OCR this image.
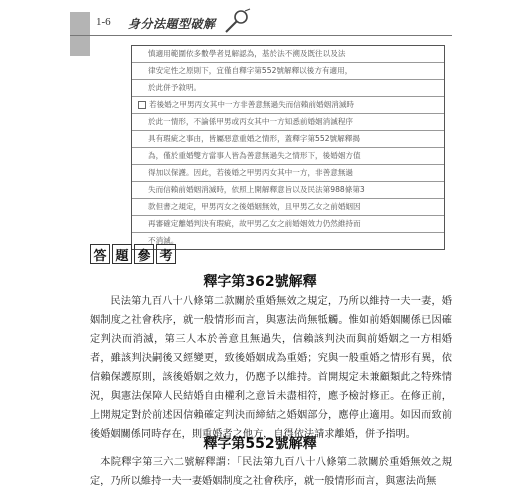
1-6 身分法題型破解
慎適用範圍依多數學者見解認為，基於法不溯及既往以及法
律安定性之原則下，宜僅自釋字第552號解釋以後方有適用，
於此併予敘明。
若後婚之甲男丙女其中一方非善意無過失而信賴前婚姻消滅時
於此一情形，不論係甲男或丙女其中一方知悉前婚姻消滅程序
具有瑕疵之事由，皆屬惡意重婚之情形，蓋釋字第552號解釋揭
為，僅於重婚雙方當事人皆為善意無過失之情形下，後婚姻方值
得加以保護。因此，若後婚之甲男丙女其中一方，非善意無過
失而信賴前婚姻消滅時，依照上開解釋意旨以及民法第988條第3
款但書之規定，甲男丙女之後婚姻無效，且甲男乙女之前婚姻因
再審確定離婚判決有瑕疵，故甲男乙女之前婚姻效力仍然維持而
不消滅。
答 題 參 考
釋字第362號解釋

民法第九百八十八條第二款關於重婚無效之規定，乃所以維持一夫一妻，婚姻制度之社會秩序，就一般情形而言，與憲法尚無牴觸。惟如前婚姻關係已因確定判決而消滅，第三人本於善意且無過失，信賴該判決而與前婚姻之一方相婚者，雖該判決嗣後又經變更，致後婚姻成為重婚；究與一般重婚之情形有異，依信賴保護原則，該後婚姻之效力，仍應予以維持。首開規定未兼顧類此之特殊情況，與憲法保障人民結婚自由權利之意旨未盡相符，應予檢討修正。在修正前，上開規定對於前述因信賴確定判決而締結之婚姻部分，應停止適用。如因而致前後婚姻關係同時存在，則重婚者之他方，自得依法請求離婚，併予指明。

釋字第552號解釋

本院釋字第三六二號解釋謂：「民法第九百八十八條第二款關於重婚無效之規定，乃所以維持一夫一妻婚姻制度之社會秩序，就一般情形而言，與憲法尚無
